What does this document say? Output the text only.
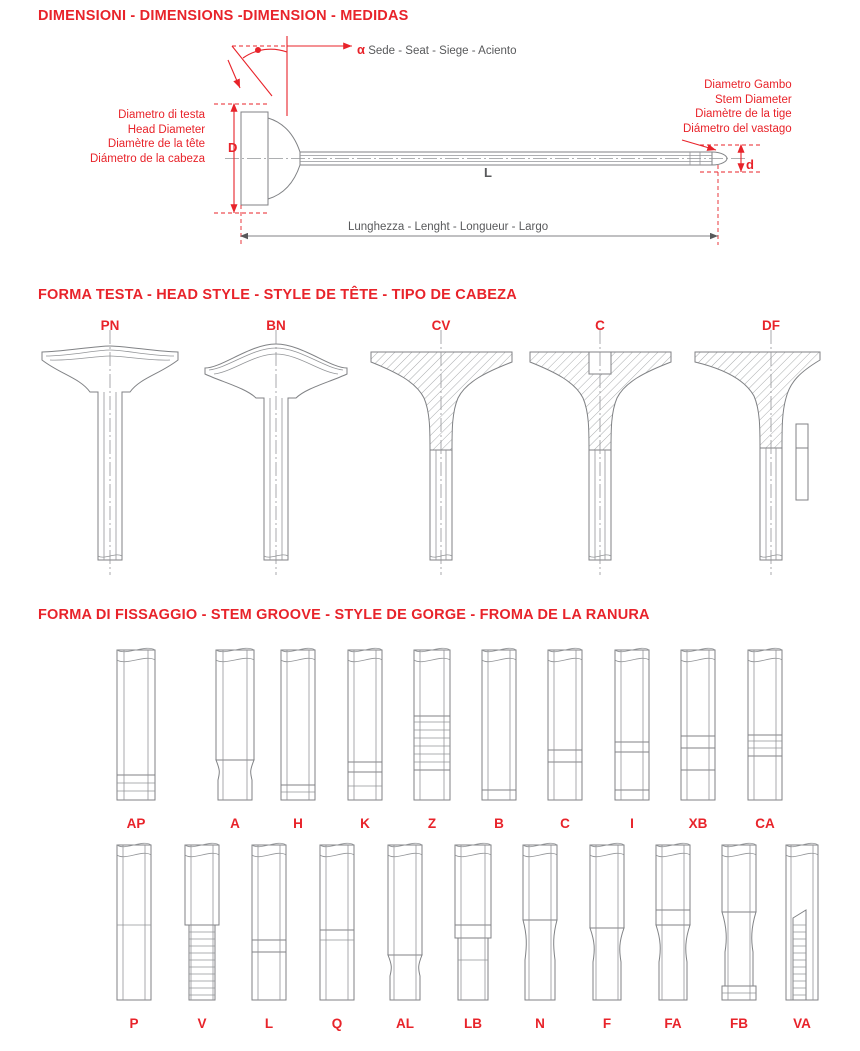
DIMENSIONI - DIMENSIONS -DIMENSION - MEDIDAS
FORMA TESTA - HEAD STYLE - STYLE DE TÊTE - TIPO DE CABEZA
FORMA DI FISSAGGIO - STEM GROOVE - STYLE DE GORGE - FROMA DE LA RANURA
α Sede - Seat - Siege - Aciento
Diametro di testa
Head Diameter
Diamètre de la tête
Diámetro de la cabeza
Diametro Gambo
Stem Diameter
Diamètre de la tige
Diámetro del vastago
D
d
L
Lunghezza - Lenght - Longueur - Largo
PN	BN	CV	C	DF
AP	A	H	K	Z	B	C	I	XB	CA
P	V	L	Q	AL	LB	N	F	FA	FB	VA
